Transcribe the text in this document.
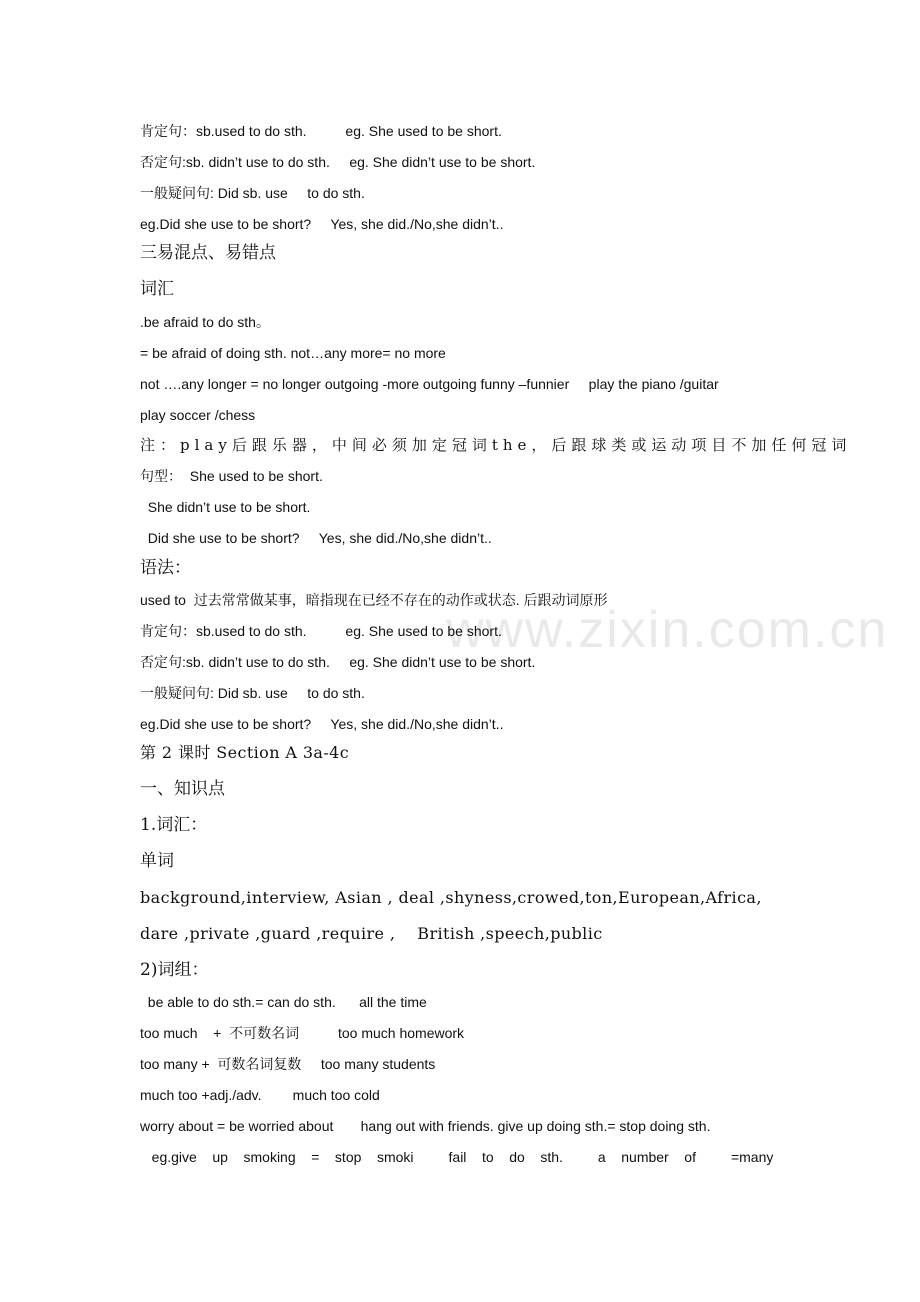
www.zixin.com.cn
肯定句：sb.used to do sth.          eg. She used to be short.
否定句:sb. didn’t use to do sth.     eg. She didn’t use to be short.
一般疑问句: Did sb. use     to do sth.
eg.Did she use to be short?     Yes, she did./No,she didn’t..
三易混点、易错点
词汇
.be afraid to do sth。
= be afraid of doing sth. not…any more= no more
not ….any longer = no longer outgoing -more outgoing funny –funnier     play the piano /guitar
play soccer /chess
注：play后跟乐器，中间必须加定冠词the，后跟球类或运动项目不加任何冠词
句型：  She used to be short.
She didn’t use to be short.
Did she use to be short?     Yes, she did./No,she didn’t..
语法：
used to  过去常常做某事，暗指现在已经不存在的动作或状态. 后跟动词原形
肯定句：sb.used to do sth.          eg. She used to be short.
否定句:sb. didn’t use to do sth.     eg. She didn’t use to be short.
一般疑问句: Did sb. use     to do sth.
eg.Did she use to be short?     Yes, she did./No,she didn’t..
第 2 课时 Section A 3a-4c
一、知识点
1.词汇：
单词
background,interview, Asian , deal ,shyness,crowed,ton,European,Africa,
dare ,private ,guard ,require ,    British ,speech,public
2)词组：
be able to do sth.= can do sth.      all the time
too much    +  不可数名词          too much homework
too many +  可数名词复数     too many students
much too +adj./adv.        much too cold
worry about = be worried about       hang out with friends. give up doing sth.= stop doing sth.
eg.give    up    smoking    =    stop    smoki         fail    to    do    sth.         a    number    of         =many
